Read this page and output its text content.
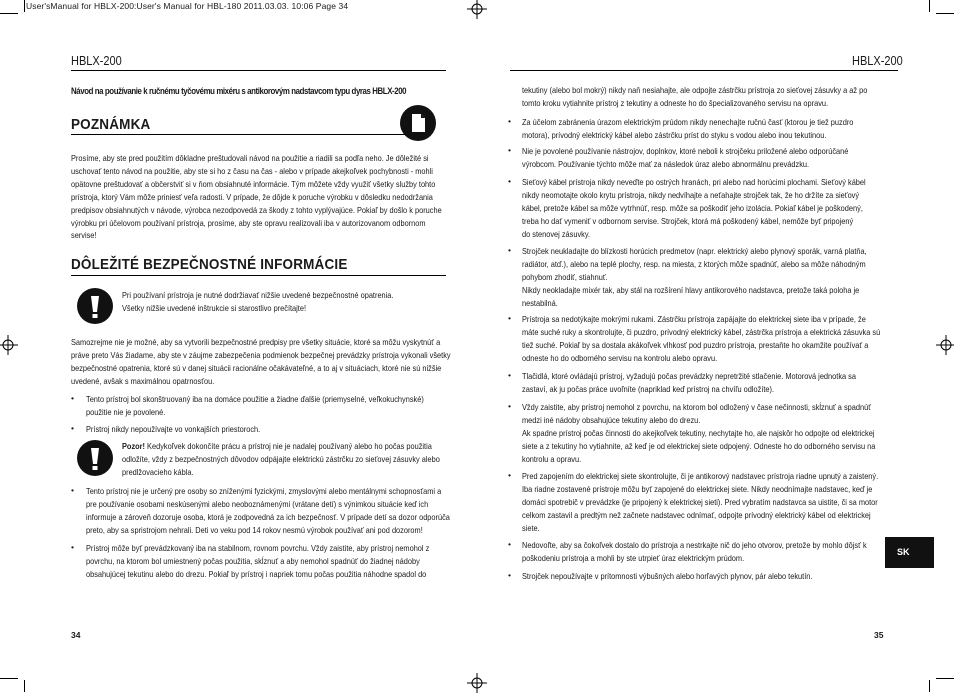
User'sManual for HBLX-200:User's Manual for HBL-180 2011.03.03. 10:06 Page 34
HBLX-200	HBLX-200
Návod na používanie k ručnému tyčovému mixéru s antikorovým nadstavcom typu dyras HBLX-200
POZNÁMKA
Prosíme, aby ste pred použitím dôkladne preštudovali návod na použitie a riadili sa podľa neho. Je dôležité si
uschovať tento návod na použitie, aby ste si ho z času na čas - alebo v prípade akejkoľvek pochybnosti - mohli
opätovne preštudovať a občerstviť si v ňom obsiahnuté informácie. Tým môžete vždy využiť všetky služby tohto
prístroja, ktorý Vám môže priniesť veľa radosti. V prípade, že dôjde k poruche výrobku v dôsledku nedodržania
predpisov obsiahnutých v návode, výrobca nezodpovedá za škody z tohto vyplývajúce. Pokiaľ by došlo k poruche
výrobku pri účelovom používaní prístroja, prosíme, aby ste opravu realizovali iba v autorizovanom odbornom
servise!
DÔLEŽITÉ BEZPEČNOSTNÉ INFORMÁCIE
Pri používaní prístroja je nutné dodržiavať nižšie uvedené bezpečnostné opatrenia.
Všetky nižšie uvedené inštrukcie si starostlivo prečítajte!
Samozrejme nie je možné, aby sa vytvorili bezpečnostné predpisy pre všetky situácie, ktoré sa môžu vyskytnúť a
práve preto Vás žiadame, aby ste v záujme zabezpečenia podmienok bezpečnej prevádzky prístroja vykonali všetky
bezpečnostné opatrenia, ktoré sú v danej situácii racionálne očakávateľné, a to aj v situáciach, ktoré nie sú nižšie
uvedené, avšak s maximálnou opatrnosťou.
• Tento prístroj bol skonštruovaný iba na domáce použitie a žiadne ďalšie (priemyselné, veľkokuchynské)
použitie nie je povolené.
• Prístroj nikdy nepoužívajte vo vonkajších priestoroch.
Pozor! Kedykoľvek dokončíte prácu a prístroj nie je nadalej používaný alebo ho počas použitia
odložíte, vždy z bezpečnostných dôvodov odpájajte elektrickú zástrčku zo sieťovej zásuvky alebo
predlžovacieho kábla.
• Tento prístroj nie je určený pre osoby so zníženými fyzickými, zmyslovými alebo mentálnymi schopnosťami a
pre používanie osobami neskúsenými alebo neoboznámenými (vrátane detí) s výnimkou situácie keď ich
informuje a zároveň dozoruje osoba, ktorá je zodpovedná za ich bezpečnosť. V prípade detí sa dozor odporúča
preto, aby sa spristrojom nehrali. Deti vo veku pod 14 rokov nesmú výrobok používať ani pod dozorom!
• Prístroj môže byť prevádzkovaný iba na stabilnom, rovnom povrchu. Vždy zaistite, aby prístroj nemohol z
povrchu, na ktorom bol umiestnený počas použitia, skĺznuť a aby nemohol spadnúť do žiadnej nádoby
obsahujúcej tekutinu alebo do drezu. Pokiaľ by prístroj i napriek tomu počas použitia náhodne spadol do
34
tekutiny (alebo bol mokrý) nikdy naň nesiahajte, ale odpojte zástrčku prístroja zo sieťovej zásuvky a až po
tomto kroku vytiahnite prístroj z tekutiny a odneste ho do špecializovaného servisu na opravu.
• Za účelom zabránenia úrazom elektrickým prúdom nikdy nenechajte ručnú časť (ktorou je tiež puzdro
motora), prívodný elektrický kábel alebo zástrčku príst do styku s vodou alebo inou tekutinou.
• Nie je povolené používanie nástrojov, doplnkov, ktoré neboli k strojčeku priložené alebo odporúčané
výrobcom. Používanie týchto môže mať za následok úraz alebo abnormálnu prevádzku.
• Sieťový kábel prístroja nikdy neveďte po ostrých hranách, pri alebo nad horúcimi plochami. Sieťový kábel
nikdy neomotajte okolo krytu prístroja, nikdy nedvíhajte a neťahajte strojček tak, že ho držíte za sieťový
kábel, pretože kábel sa môže vytrhnúť, resp. môže sa poškodiť jeho izolácia. Pokiaľ kábel je poškodený,
treba ho dať vymeniť v odbornom servise. Strojček, ktorá má poškodený kábel, nemôže byť pripojený
do stenovej zásuvky.
• Strojček neukladajte do blízkosti horúcich predmetov (napr. elektrický alebo plynový sporák, varná platňa,
radiátor, atď.), alebo na teplé plochy, resp. na miesta, z ktorých môže spadnúť, alebo sa môže náhodným
pohybom zhodiť, stiahnuť.
Nikdy neokladajte mixér tak, aby stál na rozšírení hlavy antikorového nadstavca, pretože taká poloha je
nestabilná.
• Prístroja sa nedotýkajte mokrými rukami. Zástrčku prístroja zapájajte do elektrickej siete iba v prípade, že
máte suché ruky a skontrolujte, či puzdro, prívodný elektrický kábel, zástrčka prístroja a elektrická zásuvka sú
tiež suché. Pokiaľ by sa dostala akákoľvek vlhkosť pod puzdro prístroja, prestaňte ho okamžite používať a
odneste ho do odborného servisu na kontrolu alebo opravu.
• Tlačidlá, ktoré ovládajú prístroj, vyžadujú počas prevádzky nepretržité stlačenie. Motorová jednotka sa
zastaví, ak ju počas práce uvoľníte (napriklad keď prístroj na chvíľu odložíte).
• Vždy zaistite, aby prístroj nemohol z povrchu, na ktorom bol odložený v čase nečinnosti, skĺznuť a spadnúť
medzi iné nádoby obsahujúce tekutiny alebo do drezu.
Ak spadne prístroj počas činnosti do akejkoľvek tekutiny, nechytajte ho, ale najskôr ho odpojte od elektrickej
siete a z tekutiny ho vytiahnite, až keď je od elektrickej siete odpojený. Odneste ho do odborného servisu na
kontrolu a opravu.
• Pred zapojením do elektrickej siete skontrolujte, či je antikorový nadstavec prístroja riadne upnutý a zaistený.
Iba riadne zostavené prístroje môžu byť zapojené do elektrickej siete. Nikdy neodnímajte nadstavec, keď je
domáci spotrebič v prevádzke (je pripojený k elektrickej sieti). Pred vybratím nadstavca sa uistite, či sa motor
celkom zastavil a predtým než začnete nadstavec odnímať, odpojte prívodný elektrický kábel od elektrickej
siete.
• Nedovoľte, aby sa čokoľvek dostalo do prístroja a nestrkajte nič do jeho otvorov, pretože by mohlo dôjsť k
poškodeniu prístroja a mohli by ste utrpieť úraz elektrickým prúdom.
• Strojček nepoužívajte v prítomnosti výbušných alebo horľavých plynov, pár alebo tekutín.
SK
35
